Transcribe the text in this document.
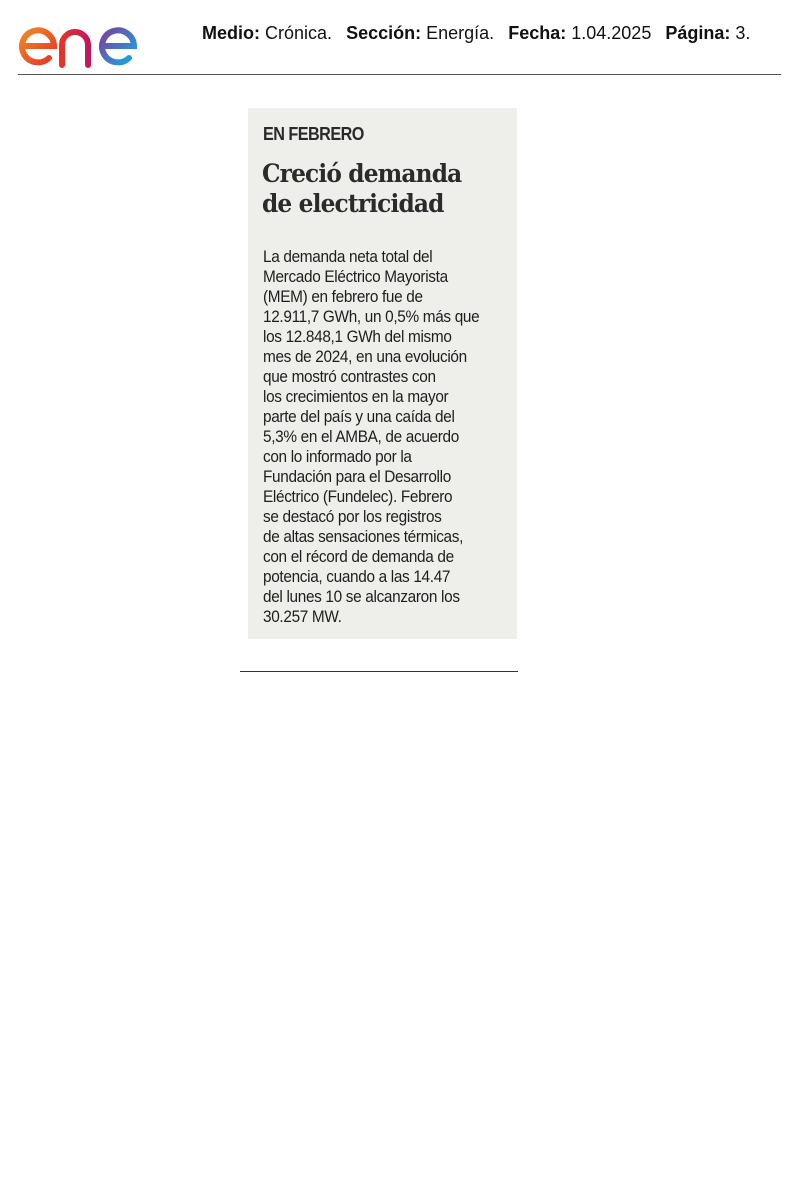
Medio: Crónica. Sección: Energía. Fecha: 1.04.2025 Página: 3.
EN FEBRERO
Creció demanda
de electricidad
La demanda neta total del
Mercado Eléctrico Mayorista
(MEM) en febrero fue de
12.911,7 GWh, un 0,5% más que
los 12.848,1 GWh del mismo
mes de 2024, en una evolución
que mostró contrastes con
los crecimientos en la mayor
parte del país y una caída del
5,3% en el AMBA, de acuerdo
con lo informado por la
Fundación para el Desarrollo
Eléctrico (Fundelec). Febrero
se destacó por los registros
de altas sensaciones térmicas,
con el récord de demanda de
potencia, cuando a las 14.47
del lunes 10 se alcanzaron los
30.257 MW.
